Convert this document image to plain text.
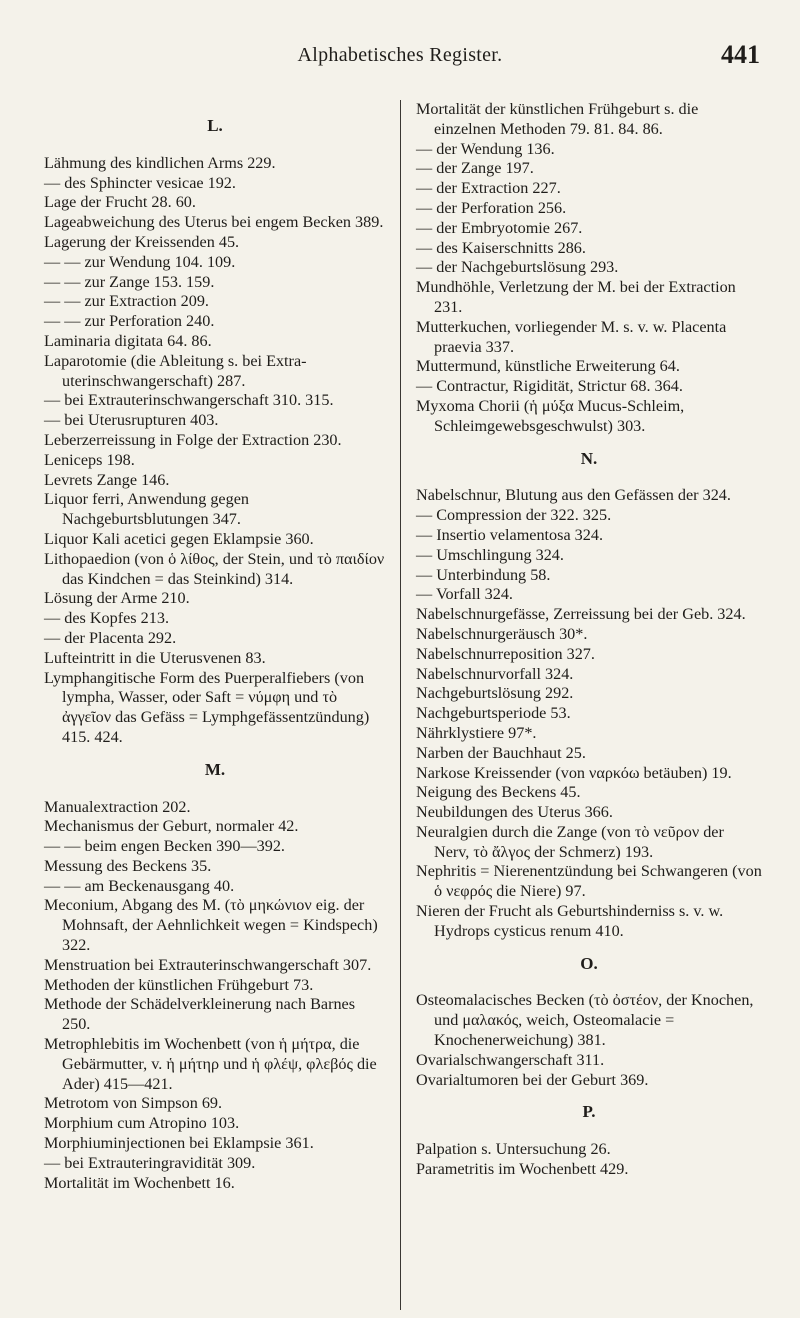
Alphabetisches Register.	441

L.

Lähmung des kindlichen Arms 229.

— des Sphincter vesicae 192.

Lage der Frucht 28. 60.

Lageabweichung des Uterus bei engem Becken 389.

Lagerung der Kreissenden 45.

— — zur Wendung 104. 109.

— — zur Zange 153. 159.

— — zur Extraction 209.

— — zur Perforation 240.

Laminaria digitata 64. 86.

Laparotomie (die Ableitung s. bei Extra-uterinschwangerschaft) 287.

— bei Extrauterinschwangerschaft 310. 315.

— bei Uterusrupturen 403.

Leberzerreissung in Folge der Extraction 230.

Leniceps 198.

Levrets Zange 146.

Liquor ferri, Anwendung gegen Nachgeburtsblutungen 347.

Liquor Kali acetici gegen Eklampsie 360.

Lithopaedion (von ὁ λίθος, der Stein, und τὸ παιδίον das Kindchen = das Steinkind) 314.

Lösung der Arme 210.

— des Kopfes 213.

— der Placenta 292.

Lufteintritt in die Uterusvenen 83.

Lymphangitische Form des Puerperalfiebers (von lympha, Wasser, oder Saft = νύμφη und τὸ ἀγγεῖον das Gefäss = Lymphgefässentzündung) 415. 424.

M.

Manualextraction 202.

Mechanismus der Geburt, normaler 42.

— — beim engen Becken 390—392.

Messung des Beckens 35.

— — am Beckenausgang 40.

Meconium, Abgang des M. (τὸ μηκώνιον eig. der Mohnsaft, der Aehnlichkeit wegen = Kindspech) 322.

Menstruation bei Extrauterinschwangerschaft 307.

Methoden der künstlichen Frühgeburt 73.

Methode der Schädelverkleinerung nach Barnes 250.

Metrophlebitis im Wochenbett (von ἡ μήτρα, die Gebärmutter, v. ἡ μήτηρ und ἡ φλέψ, φλεβός die Ader) 415—421.

Metrotom von Simpson 69.

Morphium cum Atropino 103.

Morphiuminjectionen bei Eklampsie 361.

— bei Extrauteringravidität 309.

Mortalität im Wochenbett 16.

Mortalität der künstlichen Frühgeburt s. die einzelnen Methoden 79. 81. 84. 86.

— der Wendung 136.

— der Zange 197.

— der Extraction 227.

— der Perforation 256.

— der Embryotomie 267.

— des Kaiserschnitts 286.

— der Nachgeburtslösung 293.

Mundhöhle, Verletzung der M. bei der Extraction 231.

Mutterkuchen, vorliegender M. s. v. w. Placenta praevia 337.

Muttermund, künstliche Erweiterung 64.

— Contractur, Rigidität, Strictur 68. 364.

Myxoma Chorii (ἡ μύξα Mucus-Schleim, Schleimgewebsgeschwulst) 303.

N.

Nabelschnur, Blutung aus den Gefässen der 324.

— Compression der 322. 325.

— Insertio velamentosa 324.

— Umschlingung 324.

— Unterbindung 58.

— Vorfall 324.

Nabelschnurgefässe, Zerreissung bei der Geb. 324.

Nabelschnurgeräusch 30*.

Nabelschnurreposition 327.

Nabelschnurvorfall 324.

Nachgeburtslösung 292.

Nachgeburtsperiode 53.

Nährklystiere 97*.

Narben der Bauchhaut 25.

Narkose Kreissender (von ναρκόω betäuben) 19.

Neigung des Beckens 45.

Neubildungen des Uterus 366.

Neuralgien durch die Zange (von τὸ νεῦρον der Nerv, τὸ ἄλγος der Schmerz) 193.

Nephritis = Nierenentzündung bei Schwangeren (von ὁ νεφρός die Niere) 97.

Nieren der Frucht als Geburtshinderniss s. v. w. Hydrops cysticus renum 410.

O.

Osteomalacisches Becken (τὸ ὀστέον, der Knochen, und μαλακός, weich, Osteomalacie = Knochenerweichung) 381.

Ovarialschwangerschaft 311.

Ovarialtumoren bei der Geburt 369.

P.

Palpation s. Untersuchung 26.

Parametritis im Wochenbett 429.
